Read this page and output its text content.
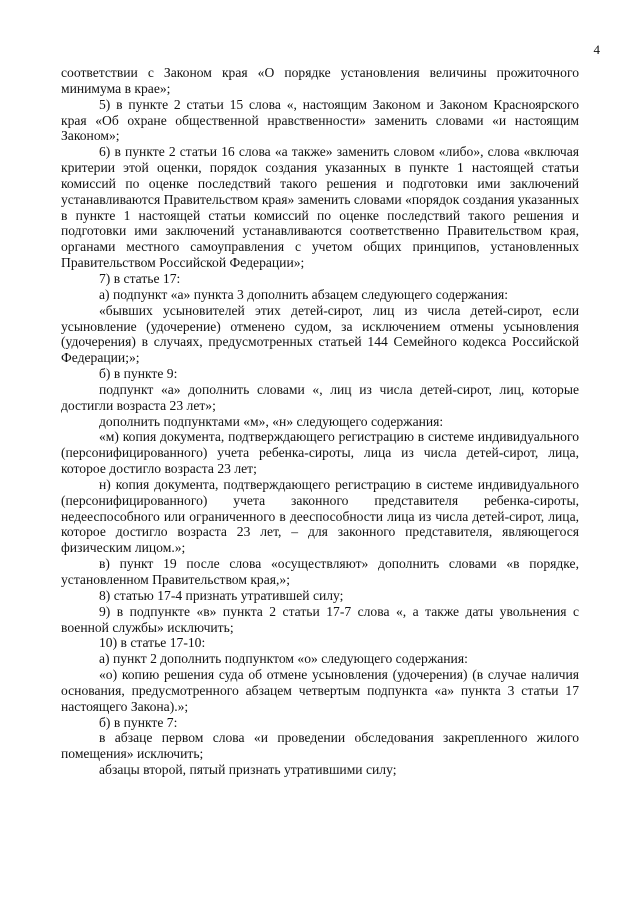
4

соответствии с Законом края «О порядке установления величины прожиточного минимума в крае»;

5) в пункте 2 статьи 15 слова «, настоящим Законом и Законом Красноярского края «Об охране общественной нравственности» заменить словами «и настоящим Законом»;

6) в пункте 2 статьи 16 слова «а также» заменить словом «либо», слова «включая критерии этой оценки, порядок создания указанных в пункте 1 настоящей статьи комиссий по оценке последствий такого решения и подготовки ими заключений устанавливаются Правительством края» заменить словами «порядок создания указанных в пункте 1 настоящей статьи комиссий по оценке последствий такого решения и подготовки ими заключений устанавливаются соответственно Правительством края, органами местного самоуправления с учетом общих принципов, установленных Правительством Российской Федерации»;

7) в статье 17:

а) подпункт «а» пункта 3 дополнить абзацем следующего содержания:

«бывших усыновителей этих детей-сирот, лиц из числа детей-сирот, если усыновление (удочерение) отменено судом, за исключением отмены усыновления (удочерения) в случаях, предусмотренных статьей 144 Семейного кодекса Российской Федерации;»;

б) в пункте 9:

подпункт «а» дополнить словами «, лиц из числа детей-сирот, лиц, которые достигли возраста 23 лет»;

дополнить подпунктами «м», «н» следующего содержания:

«м) копия документа, подтверждающего регистрацию в системе индивидуального (персонифицированного) учета ребенка-сироты, лица из числа детей-сирот, лица, которое достигло возраста 23 лет;

н) копия документа, подтверждающего регистрацию в системе индивидуального (персонифицированного) учета законного представителя ребенка-сироты, недееспособного или ограниченного в дееспособности лица из числа детей-сирот, лица, которое достигло возраста 23 лет, – для законного представителя, являющегося физическим лицом.»;

в) пункт 19 после слова «осуществляют» дополнить словами «в порядке, установленном Правительством края,»;

8) статью 17-4 признать утратившей силу;

9) в подпункте «в» пункта 2 статьи 17-7 слова «, а также даты увольнения с военной службы» исключить;

10) в статье 17-10:

а) пункт 2 дополнить подпунктом «о» следующего содержания:

«о) копию решения суда об отмене усыновления (удочерения) (в случае наличия основания, предусмотренного абзацем четвертым подпункта «а» пункта 3 статьи 17 настоящего Закона).»;

б) в пункте 7:

в абзаце первом слова «и проведении обследования закрепленного жилого помещения» исключить;

абзацы второй, пятый признать утратившими силу;
